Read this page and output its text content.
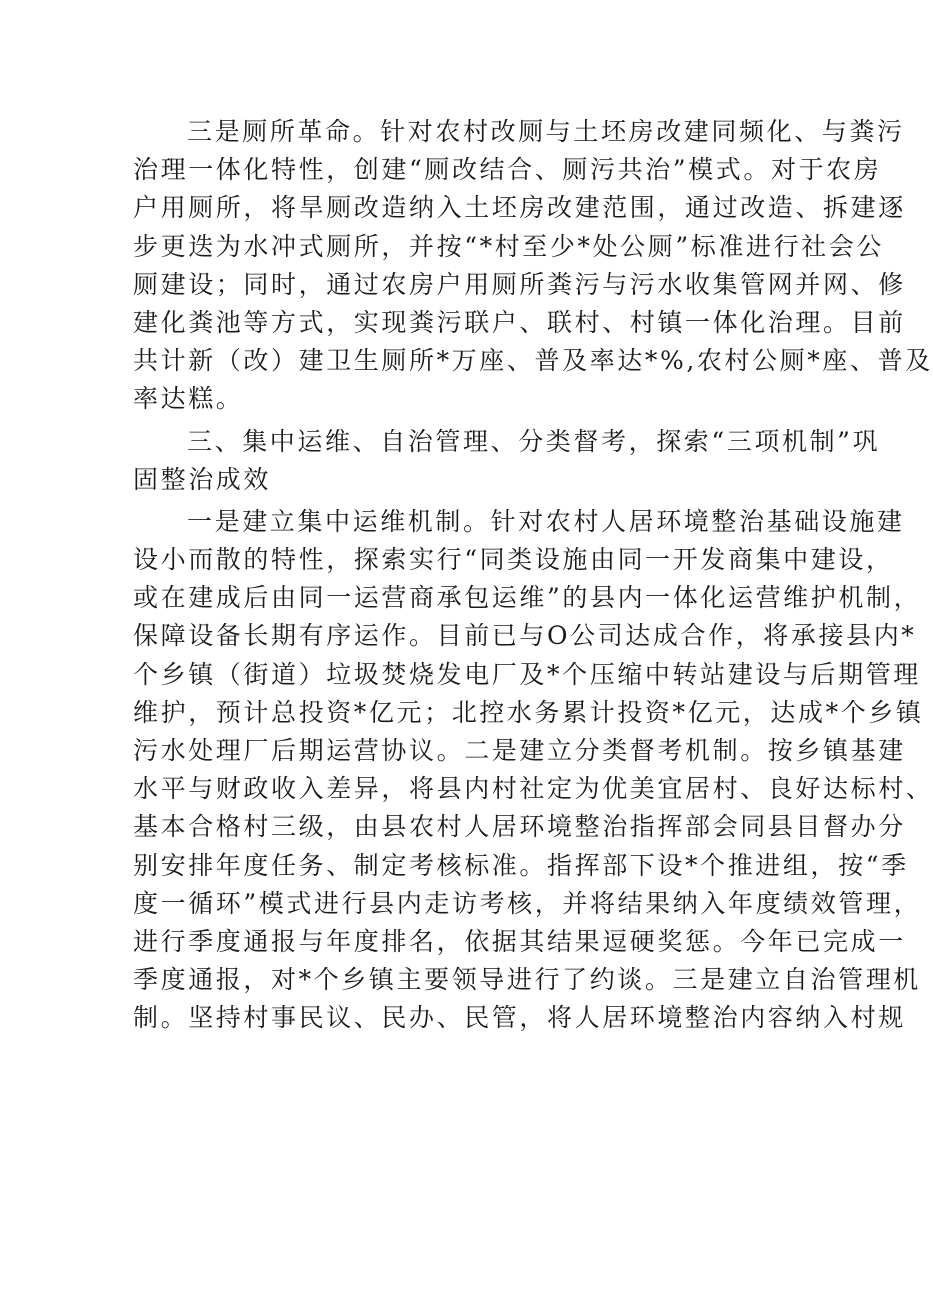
三是厕所革命。针对农村改厕与土坯房改建同频化、与粪污
治理一体化特性，创建“厕改结合、厕污共治”模式。对于农房
户用厕所，将旱厕改造纳入土坯房改建范围，通过改造、拆建逐
步更迭为水冲式厕所，并按“*村至少*处公厕”标准进行社会公
厕建设；同时，通过农房户用厕所粪污与污水收集管网并网、修
建化粪池等方式，实现粪污联户、联村、村镇一体化治理。目前
共计新（改）建卫生厕所*万座、普及率达*%,农村公厕*座、普及
率达糕。
三、集中运维、自治管理、分类督考，探索“三项机制”巩
固整治成效
一是建立集中运维机制。针对农村人居环境整治基础设施建
设小而散的特性，探索实行“同类设施由同一开发商集中建设，
或在建成后由同一运营商承包运维”的县内一体化运营维护机制，
保障设备长期有序运作。目前已与O公司达成合作，将承接县内*
个乡镇（街道）垃圾焚烧发电厂及*个压缩中转站建设与后期管理
维护，预计总投资*亿元；北控水务累计投资*亿元，达成*个乡镇
污水处理厂后期运营协议。二是建立分类督考机制。按乡镇基建
水平与财政收入差异，将县内村社定为优美宜居村、良好达标村、
基本合格村三级，由县农村人居环境整治指挥部会同县目督办分
别安排年度任务、制定考核标准。指挥部下设*个推进组，按“季
度一循环”模式进行县内走访考核，并将结果纳入年度绩效管理，
进行季度通报与年度排名，依据其结果逗硬奖惩。今年已完成一
季度通报，对*个乡镇主要领导进行了约谈。三是建立自治管理机
制。坚持村事民议、民办、民管，将人居环境整治内容纳入村规
